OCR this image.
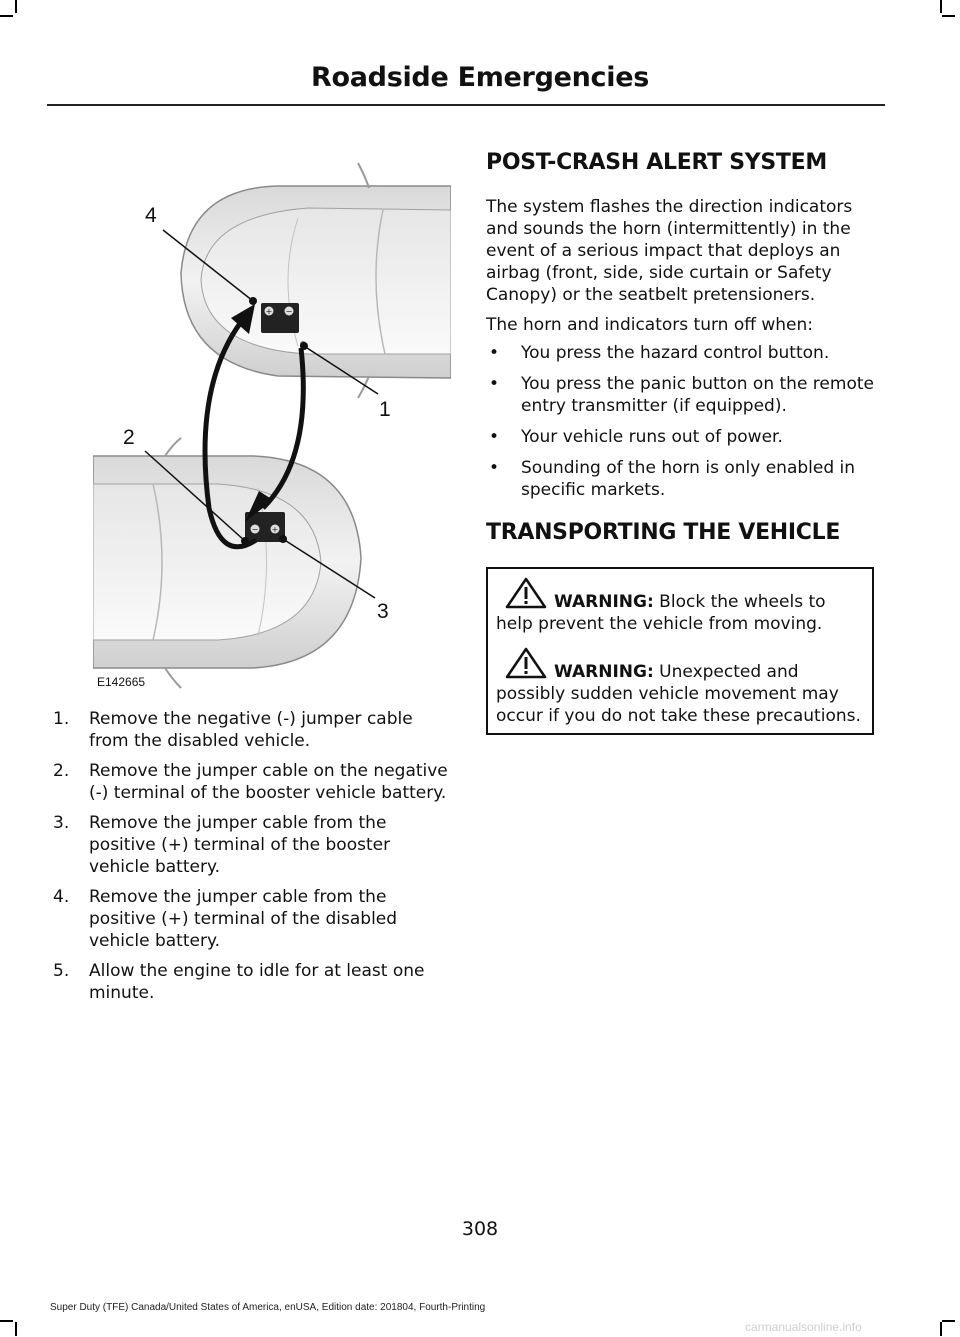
Roadside Emergencies
+ −
− +
1
2
3
4
E142665
1. Remove the negative (-) jumper cable from the disabled vehicle.
2. Remove the jumper cable on the negative (-) terminal of the booster vehicle battery.
3. Remove the jumper cable from the positive (+) terminal of the booster vehicle battery.
4. Remove the jumper cable from the positive (+) terminal of the disabled vehicle battery.
5. Allow the engine to idle for at least one minute.
POST-CRASH ALERT SYSTEM

The system flashes the direction indicators and sounds the horn (intermittently) in the event of a serious impact that deploys an airbag (front, side, side curtain or Safety Canopy) or the seatbelt pretensioners.

The horn and indicators turn off when:

• You press the hazard control button.
• You press the panic button on the remote entry transmitter (if equipped).
• Your vehicle runs out of power.
• Sounding of the horn is only enabled in specific markets.
TRANSPORTING THE VEHICLE

WARNING: Block the wheels to help prevent the vehicle from moving.

WARNING: Unexpected and possibly sudden vehicle movement may occur if you do not take these precautions.

308
Super Duty (TFE) Canada/United States of America, enUSA, Edition date: 201804, Fourth-Printing
carmanualsonline.info
